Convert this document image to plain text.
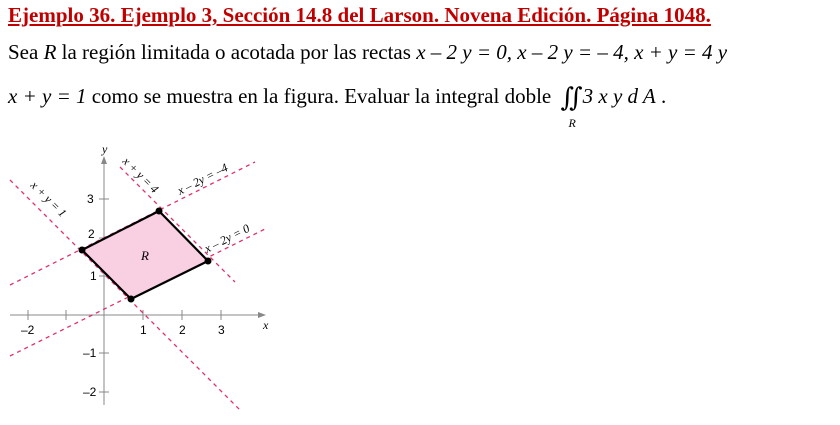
Ejemplo 36. Ejemplo 3, Sección 14.8 del Larson. Novena Edición. Página 1048.
Sea R la región limitada o acotada por las rectas x – 2 y = 0, x – 2 y = – 4, x + y = 4 y
x + y = 1 como se muestra en la figura. Evaluar la integral doble ∬
R
3 x y d A .
R
x
y
–2	1	2	3
3
2
1
–1
–2
x + y = 1
x + y = 4 x – 2y = –4
x – 2y = 0
